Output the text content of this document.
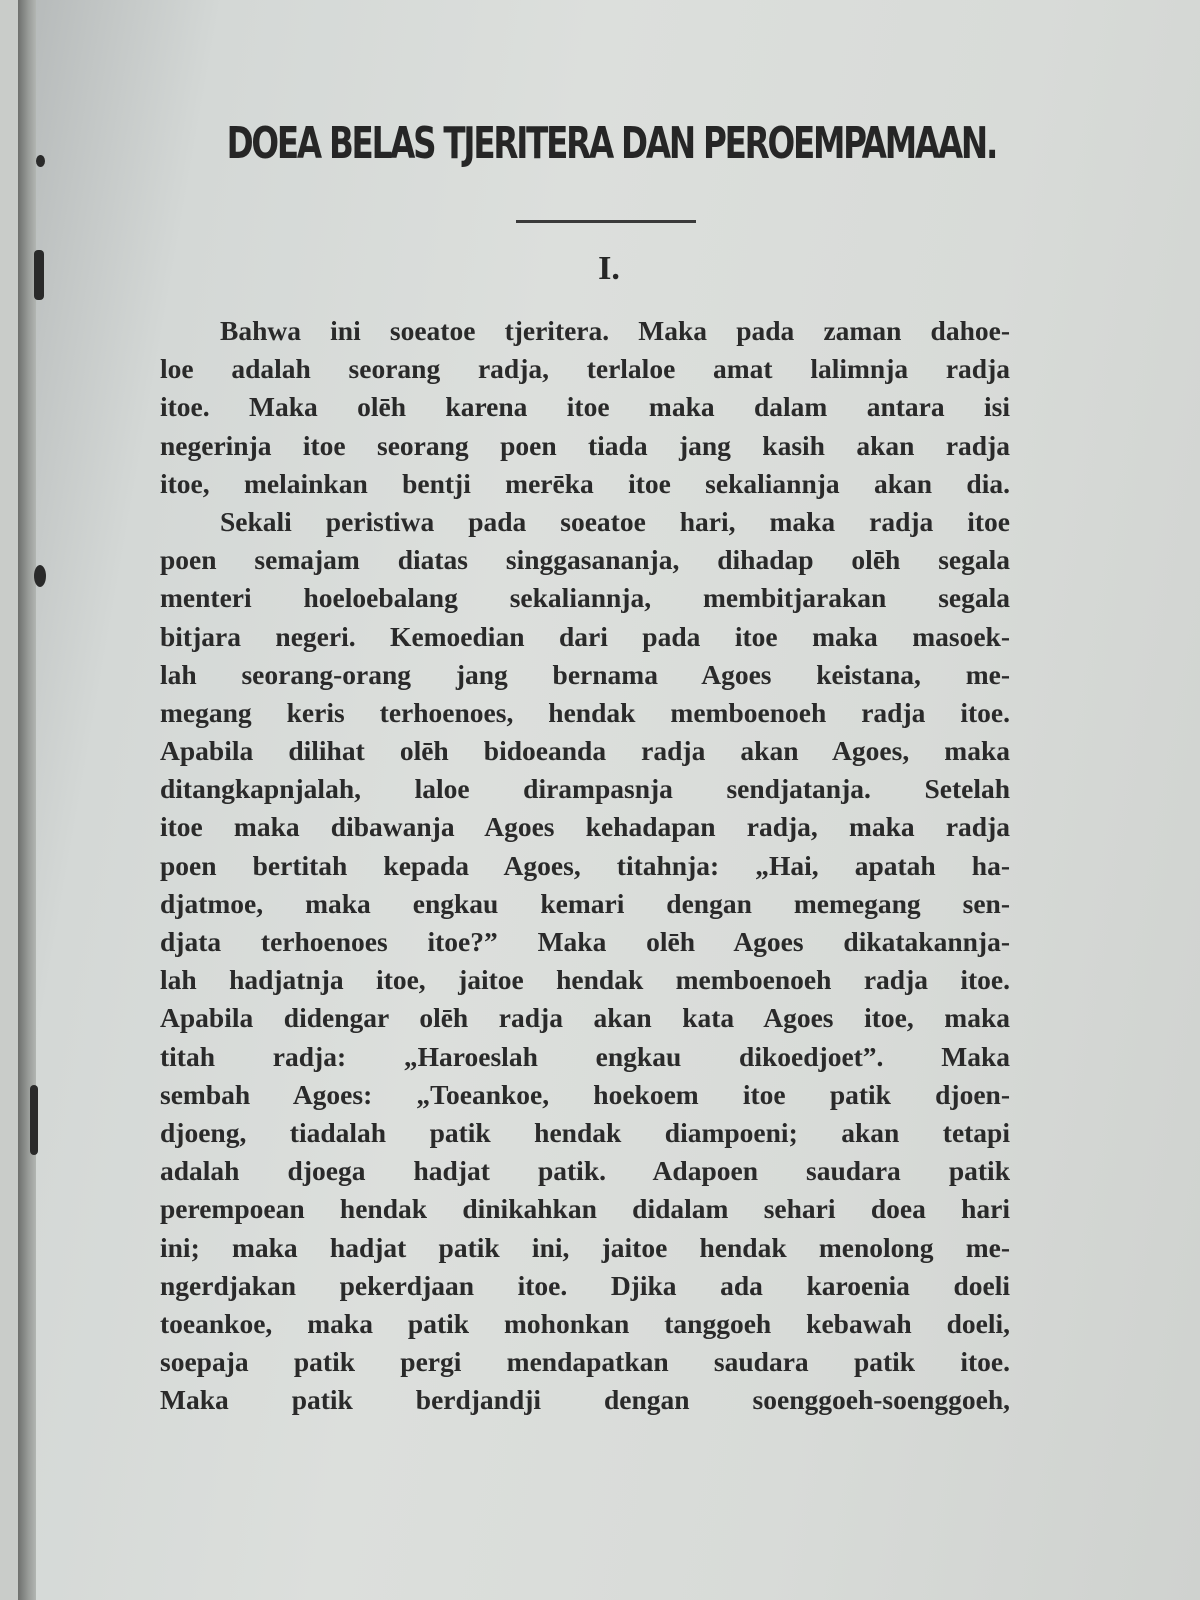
DOEA BELAS TJERITERA DAN PEROEMPAMAAN.
I.
Bahwa ini soeatoe tjeritera. Maka pada zaman dahoe-
loe adalah seorang radja, terlaloe amat lalimnja radja
itoe. Maka olēh karena itoe maka dalam antara isi
negerinja itoe seorang poen tiada jang kasih akan radja
itoe, melainkan bentji merēka itoe sekaliannja akan dia.
Sekali peristiwa pada soeatoe hari, maka radja itoe
poen semajam diatas singgasananja, dihadap olēh segala
menteri hoeloebalang sekaliannja, membitjarakan segala
bitjara negeri. Kemoedian dari pada itoe maka masoek-
lah seorang-orang jang bernama Agoes keistana, me-
megang keris terhoenoes, hendak memboenoeh radja itoe.
Apabila dilihat olēh bidoeanda radja akan Agoes, maka
ditangkapnjalah, laloe dirampasnja sendjatanja. Setelah
itoe maka dibawanja Agoes kehadapan radja, maka radja
poen bertitah kepada Agoes, titahnja: „Hai, apatah ha-
djatmoe, maka engkau kemari dengan memegang sen-
djata terhoenoes itoe?” Maka olēh Agoes dikatakannja-
lah hadjatnja itoe, jaitoe hendak memboenoeh radja itoe.
Apabila didengar olēh radja akan kata Agoes itoe, maka
titah radja: „Haroeslah engkau dikoedjoet”. Maka
sembah Agoes: „Toeankoe, hoekoem itoe patik djoen-
djoeng, tiadalah patik hendak diampoeni; akan tetapi
adalah djoega hadjat patik. Adapoen saudara patik
perempoean hendak dinikahkan didalam sehari doea hari
ini; maka hadjat patik ini, jaitoe hendak menolong me-
ngerdjakan pekerdjaan itoe. Djika ada karoenia doeli
toeankoe, maka patik mohonkan tanggoeh kebawah doeli,
soepaja patik pergi mendapatkan saudara patik itoe.
Maka patik berdjandji dengan soenggoeh-soenggoeh,
